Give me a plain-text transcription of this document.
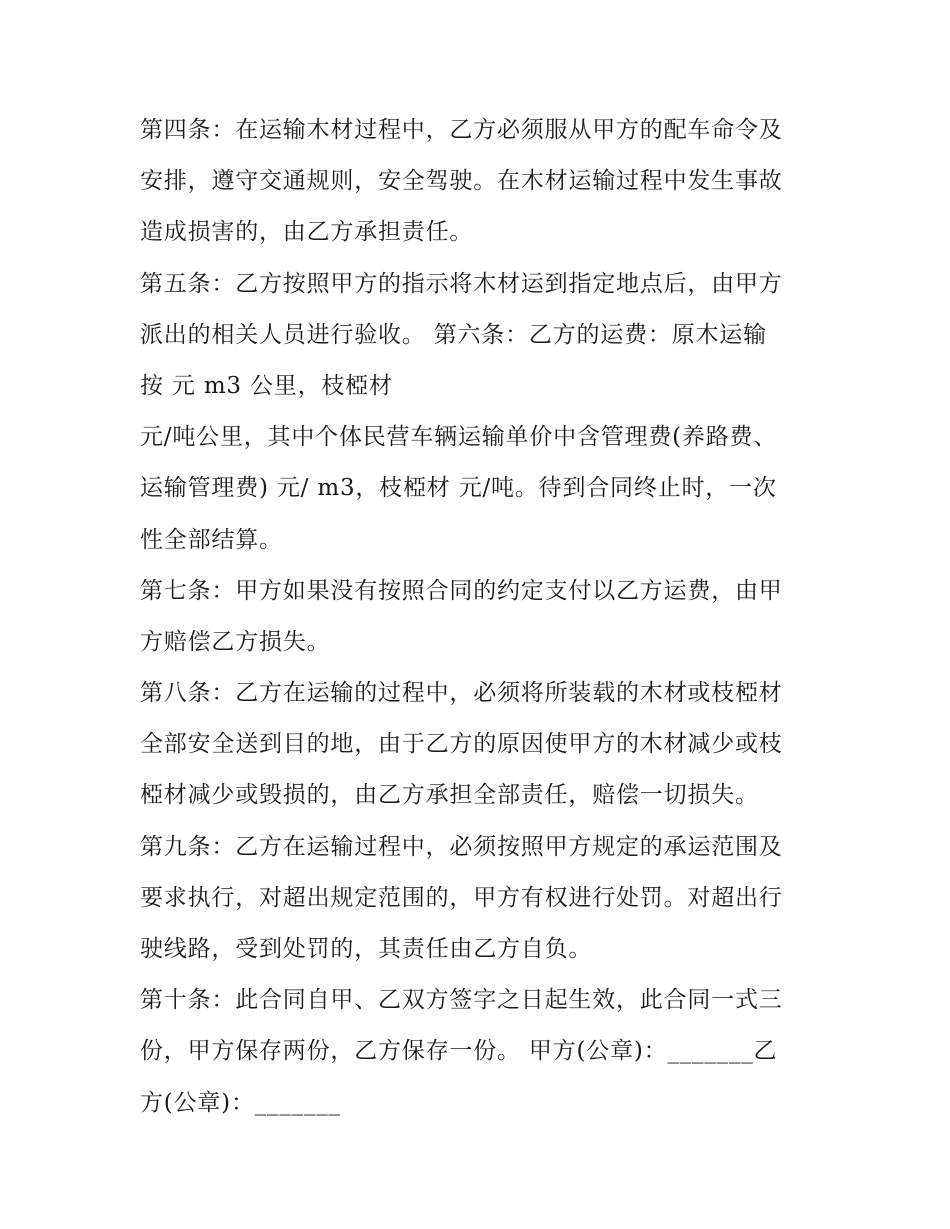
第四条：在运输木材过程中，乙方必须服从甲方的配车命令及
安排，遵守交通规则，安全驾驶。在木材运输过程中发生事故
造成损害的，由乙方承担责任。
第五条：乙方按照甲方的指示将木材运到指定地点后，由甲方
派出的相关人员进行验收。 第六条：乙方的运费：原木运输
按 元 m3 公里，枝椏材
元/吨公里，其中个体民营车辆运输单价中含管理费(养路费、
运输管理费) 元/ m3，枝椏材 元/吨。待到合同终止时，一次
性全部结算。
第七条：甲方如果没有按照合同的约定支付以乙方运费，由甲
方赔偿乙方损失。
第八条：乙方在运输的过程中，必须将所装载的木材或枝椏材
全部安全送到目的地，由于乙方的原因使甲方的木材减少或枝
椏材减少或毁损的，由乙方承担全部责任，赔偿一切损失。
第九条：乙方在运输过程中，必须按照甲方规定的承运范围及
要求执行，对超出规定范围的，甲方有权进行处罚。对超出行
驶线路，受到处罚的，其责任由乙方自负。
第十条：此合同自甲、乙双方签字之日起生效，此合同一式三
份，甲方保存两份，乙方保存一份。 甲方(公章)：_______乙
方(公章)：_______
